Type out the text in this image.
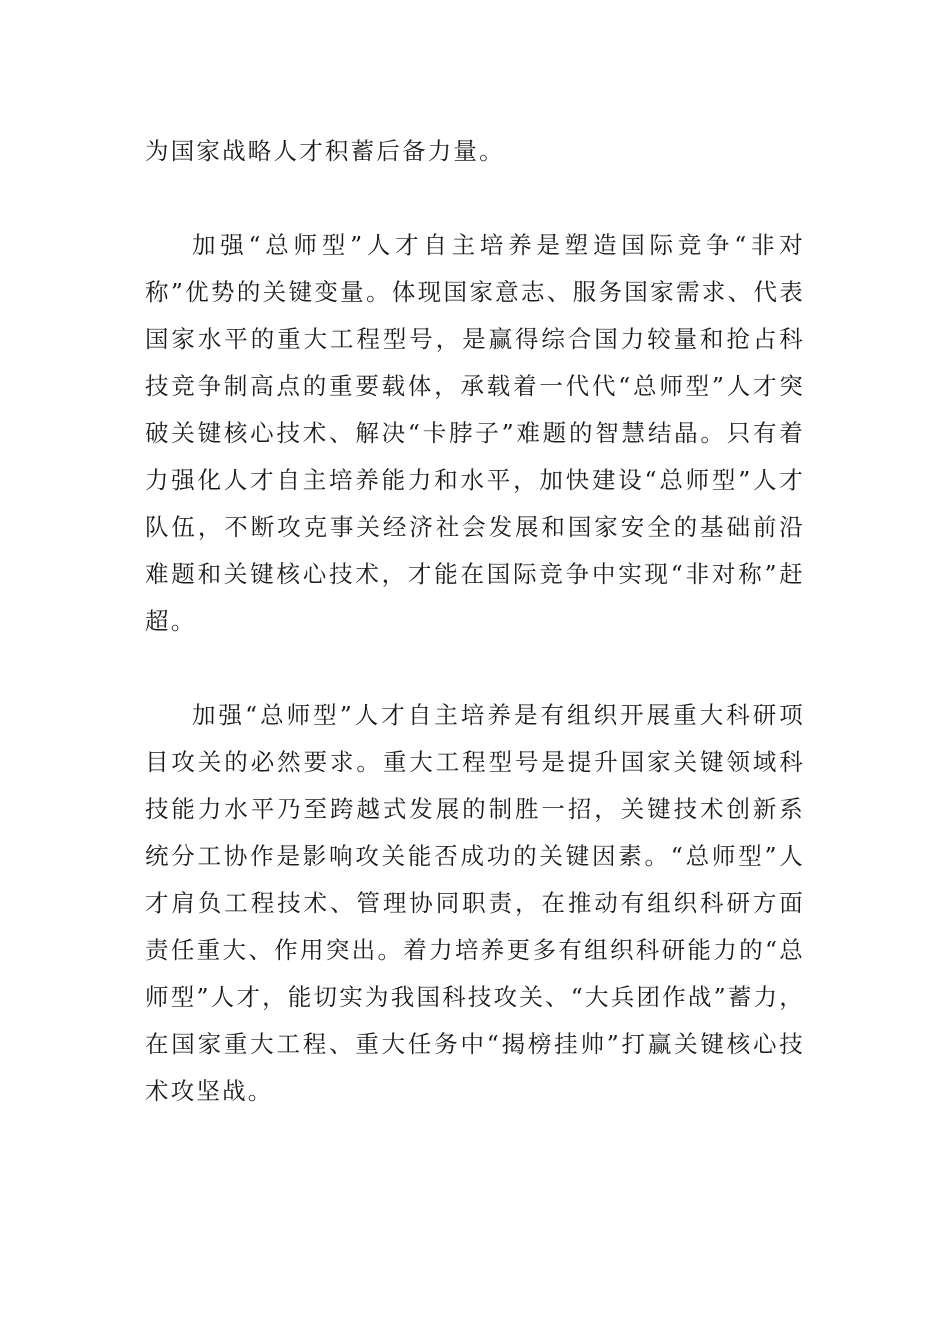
为国家战略人才积蓄后备力量。

加强“总师型”人才自主培养是塑造国际竞争“非对称”优势的关键变量。体现国家意志、服务国家需求、代表国家水平的重大工程型号，是赢得综合国力较量和抢占科技竞争制高点的重要载体，承载着一代代“总师型”人才突破关键核心技术、解决“卡脖子”难题的智慧结晶。只有着力强化人才自主培养能力和水平，加快建设“总师型”人才队伍，不断攻克事关经济社会发展和国家安全的基础前沿难题和关键核心技术，才能在国际竞争中实现“非对称”赶超。

加强“总师型”人才自主培养是有组织开展重大科研项目攻关的必然要求。重大工程型号是提升国家关键领域科技能力水平乃至跨越式发展的制胜一招，关键技术创新系统分工协作是影响攻关能否成功的关键因素。“总师型”人才肩负工程技术、管理协同职责，在推动有组织科研方面责任重大、作用突出。着力培养更多有组织科研能力的“总师型”人才，能切实为我国科技攻关、“大兵团作战”蓄力，在国家重大工程、重大任务中“揭榜挂帅”打赢关键核心技术攻坚战。
